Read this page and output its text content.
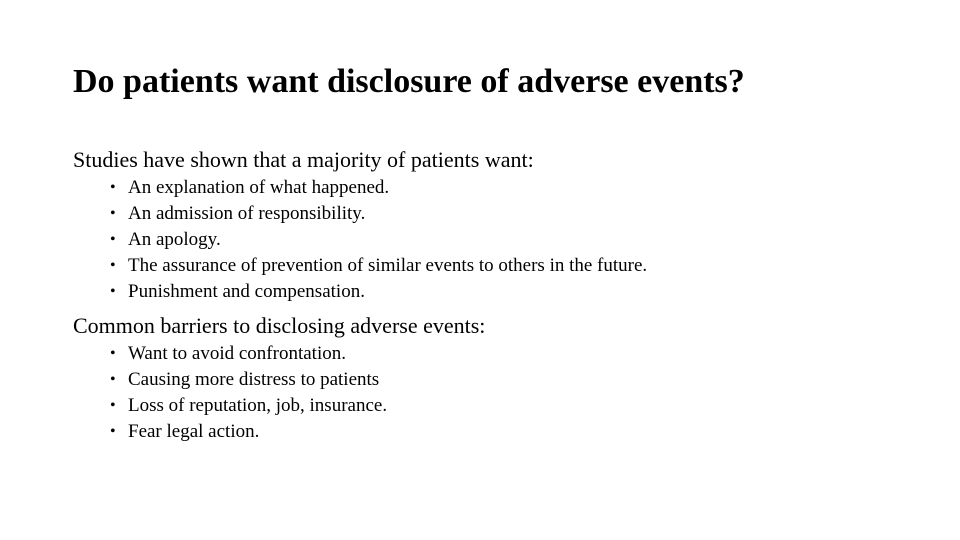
Do patients want disclosure of adverse events?
Studies have shown that a majority of patients want:
• An explanation of what happened.
• An admission of responsibility.
• An apology.
• The assurance of prevention of similar events to others in the future.
• Punishment and compensation.
Common barriers to disclosing adverse events:
• Want to avoid confrontation.
• Causing more distress to patients
• Loss of reputation, job, insurance.
• Fear legal action.
